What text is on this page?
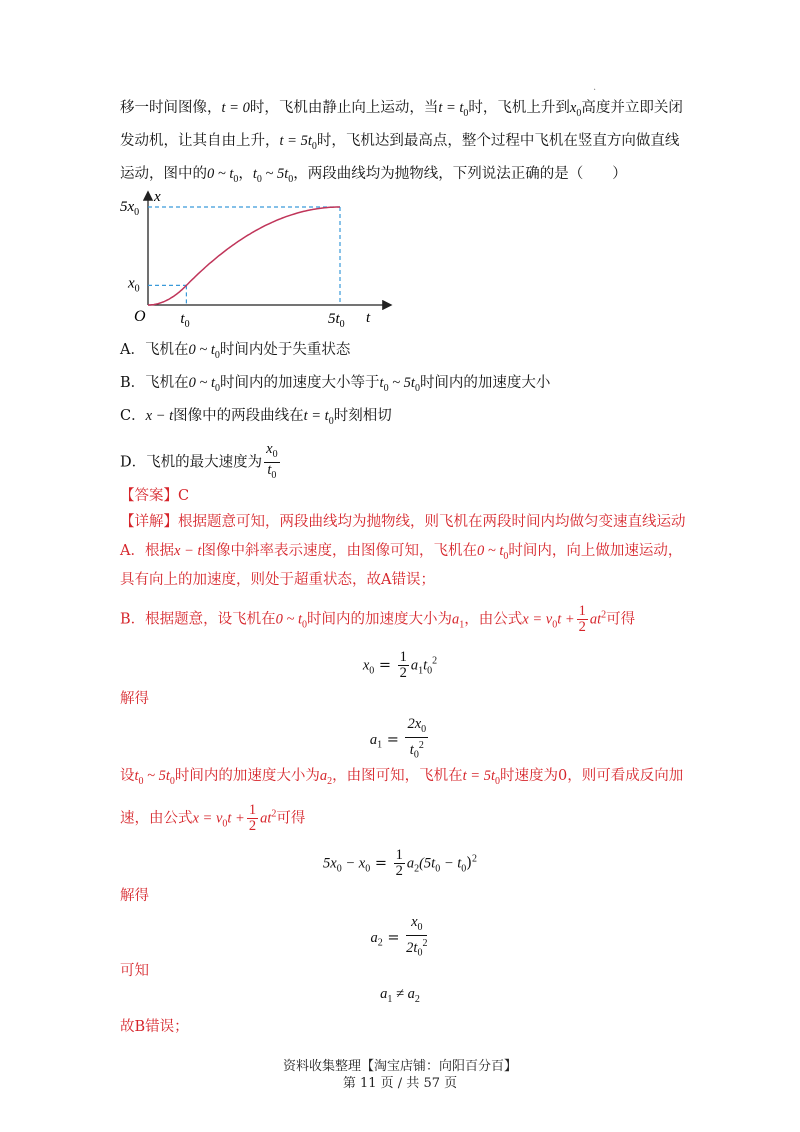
.
移一时间图像，t = 0时，飞机由静止向上运动，当$t = t_0$时，飞机上升到$x_0$高度并立即关闭
发动机，让其自由上升，$t = 5t_0$时，飞机达到最高点，整个过程中飞机在竖直方向做直线
运动，图中的0 ~ $t_0$，$t_0$ ~ $5t_0$，两段曲线均为抛物线，下列说法正确的是（　　）
x
t
O
$x_0$
$5x_0$
$t_0$	$5t_0$
A．飞机在0 ~ $t_0$时间内处于失重状态
B．飞机在0 ~ $t_0$时间内的加速度大小等于$t_0$ ~ $5t_0$时间内的加速度大小
C．x − t图像中的两段曲线在$t = t_0$时刻相切
D．飞机的最大速度为 $\frac{x_0}{t_0}$
【答案】C
【详解】根据题意可知，两段曲线均为抛物线，则飞机在两段时间内均做匀变速直线运动
A．根据x − t图像中斜率表示速度，由图像可知，飞机在0 ~ $t_0$时间内，向上做加速运动，
具有向上的加速度，则处于超重状态，故A错误；
B．根据题意，设飞机在0 ~ $t_0$时间内的加速度大小为$a_1$，由公式$x = v_0t + \frac{1}{2} at^2$可得
$x_0 = \frac{1}{2} a_1t_0^2$
解得
$a_1 = \frac{2x_0}{t_0^2}$
设$t_0$ ~ $5t_0$时间内的加速度大小为$a_2$，由图可知，飞机在$t = 5t_0$时速度为0，则可看成反向加
速，由公式$x = v_0t + \frac{1}{2} at^2$可得
$5x_0 - x_0 = \frac{1}{2} a_2(5t_0 - t_0)^2$
解得
$a_2 = \frac{x_0}{2t_0^2}$
可知
$a_1 \ne a_2$
故B错误；
资料收集整理【淘宝店铺：向阳百分百】
第 11 页 / 共 57 页
